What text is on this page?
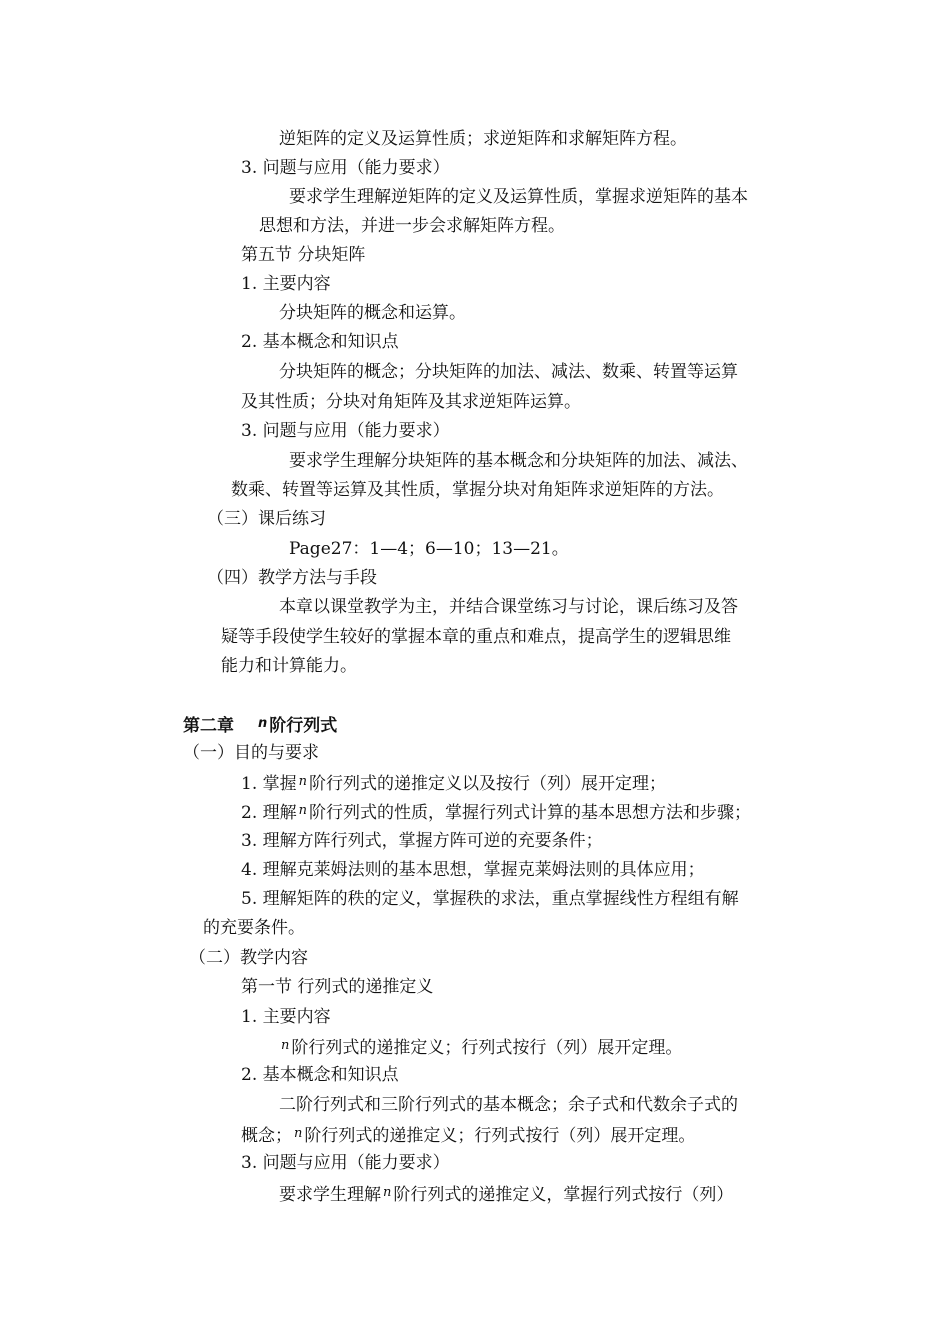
逆矩阵的定义及运算性质；求逆矩阵和求解矩阵方程。
3. 问题与应用（能力要求）
要求学生理解逆矩阵的定义及运算性质，掌握求逆矩阵的基本
思想和方法，并进一步会求解矩阵方程。
第五节 分块矩阵
1. 主要内容
分块矩阵的概念和运算。
2. 基本概念和知识点
分块矩阵的概念；分块矩阵的加法、减法、数乘、转置等运算
及其性质；分块对角矩阵及其求逆矩阵运算。
3. 问题与应用（能力要求）
要求学生理解分块矩阵的基本概念和分块矩阵的加法、减法、
数乘、转置等运算及其性质，掌握分块对角矩阵求逆矩阵的方法。
（三）课后练习
Page27：1—4；6—10；13—21。
（四）教学方法与手段
本章以课堂教学为主，并结合课堂练习与讨论，课后练习及答
疑等手段使学生较好的掌握本章的重点和难点，提高学生的逻辑思维
能力和计算能力。
第二章 $^n$ 阶行列式
（一）目的与要求
1. 掌握 $^n$ 阶行列式的递推定义以及按行（列）展开定理；
2. 理解 $^n$ 阶行列式的性质，掌握行列式计算的基本思想方法和步骤；
3. 理解方阵行列式，掌握方阵可逆的充要条件；
4. 理解克莱姆法则的基本思想，掌握克莱姆法则的具体应用；
5. 理解矩阵的秩的定义，掌握秩的求法，重点掌握线性方程组有解
的充要条件。
（二）教学内容
第一节 行列式的递推定义
1. 主要内容
$^n$ 阶行列式的递推定义；行列式按行（列）展开定理。
2. 基本概念和知识点
二阶行列式和三阶行列式的基本概念；余子式和代数余子式的
概念； $^n$ 阶行列式的递推定义；行列式按行（列）展开定理。
3. 问题与应用（能力要求）
要求学生理解 $^n$ 阶行列式的递推定义，掌握行列式按行（列）
